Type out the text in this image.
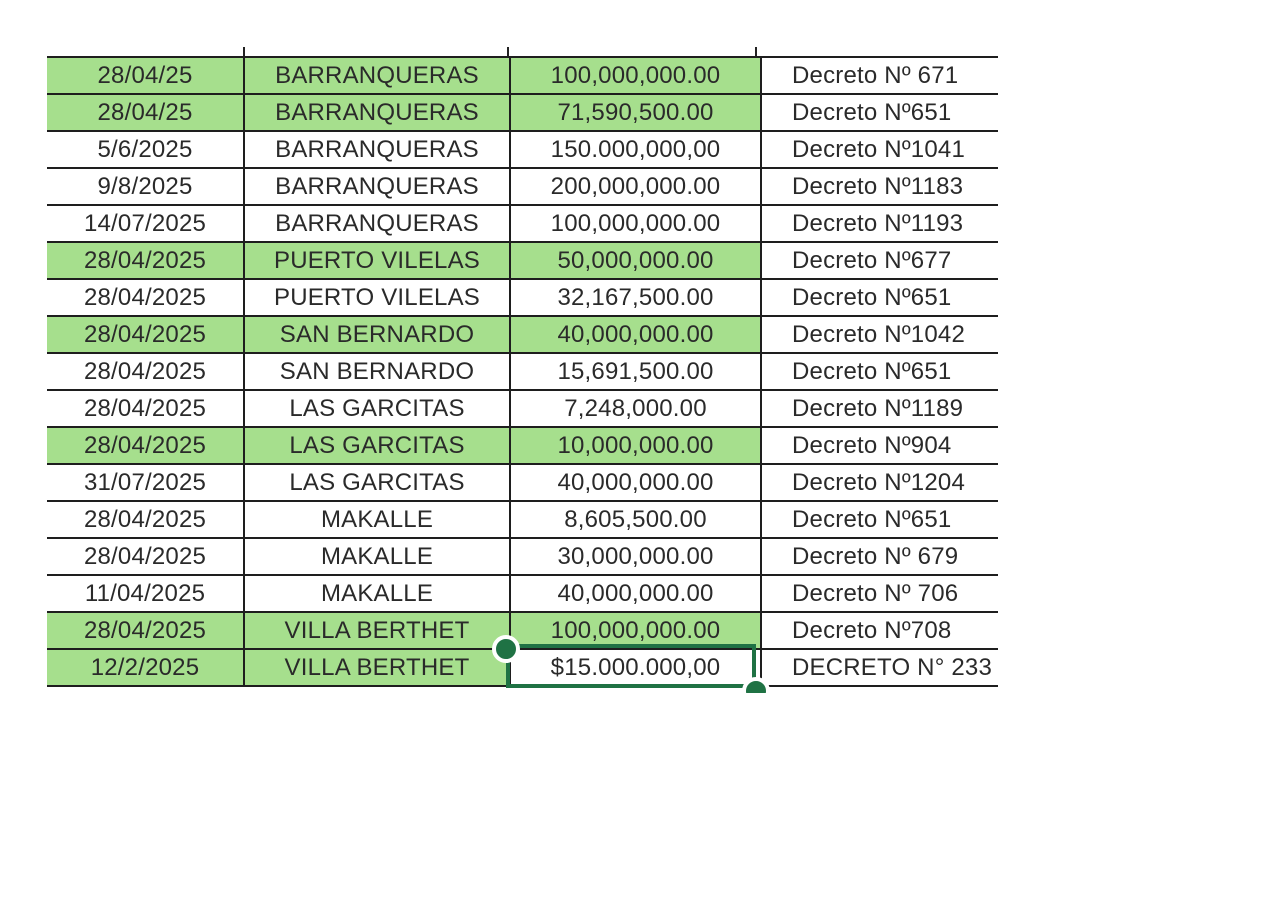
28/04/25	BARRANQUERAS	100,000,000.00	Decreto Nº 671
28/04/25	BARRANQUERAS	71,590,500.00	Decreto Nº651
5/6/2025	BARRANQUERAS	150.000,000,00	Decreto Nº1041
9/8/2025	BARRANQUERAS	200,000,000.00	Decreto Nº1183
14/07/2025	BARRANQUERAS	100,000,000.00	Decreto Nº1193
28/04/2025	PUERTO VILELAS	50,000,000.00	Decreto Nº677
28/04/2025	PUERTO VILELAS	32,167,500.00	Decreto Nº651
28/04/2025	SAN BERNARDO	40,000,000.00	Decreto Nº1042
28/04/2025	SAN BERNARDO	15,691,500.00	Decreto Nº651
28/04/2025	LAS GARCITAS	7,248,000.00	Decreto Nº1189
28/04/2025	LAS GARCITAS	10,000,000.00	Decreto Nº904
31/07/2025	LAS GARCITAS	40,000,000.00	Decreto Nº1204
28/04/2025	MAKALLE	8,605,500.00	Decreto Nº651
28/04/2025	MAKALLE	30,000,000.00	Decreto Nº 679
11/04/2025	MAKALLE	40,000,000.00	Decreto Nº 706
28/04/2025	VILLA BERTHET	100,000,000.00	Decreto Nº708
12/2/2025	VILLA BERTHET	$15.000.000,00	DECRETO N° 233
